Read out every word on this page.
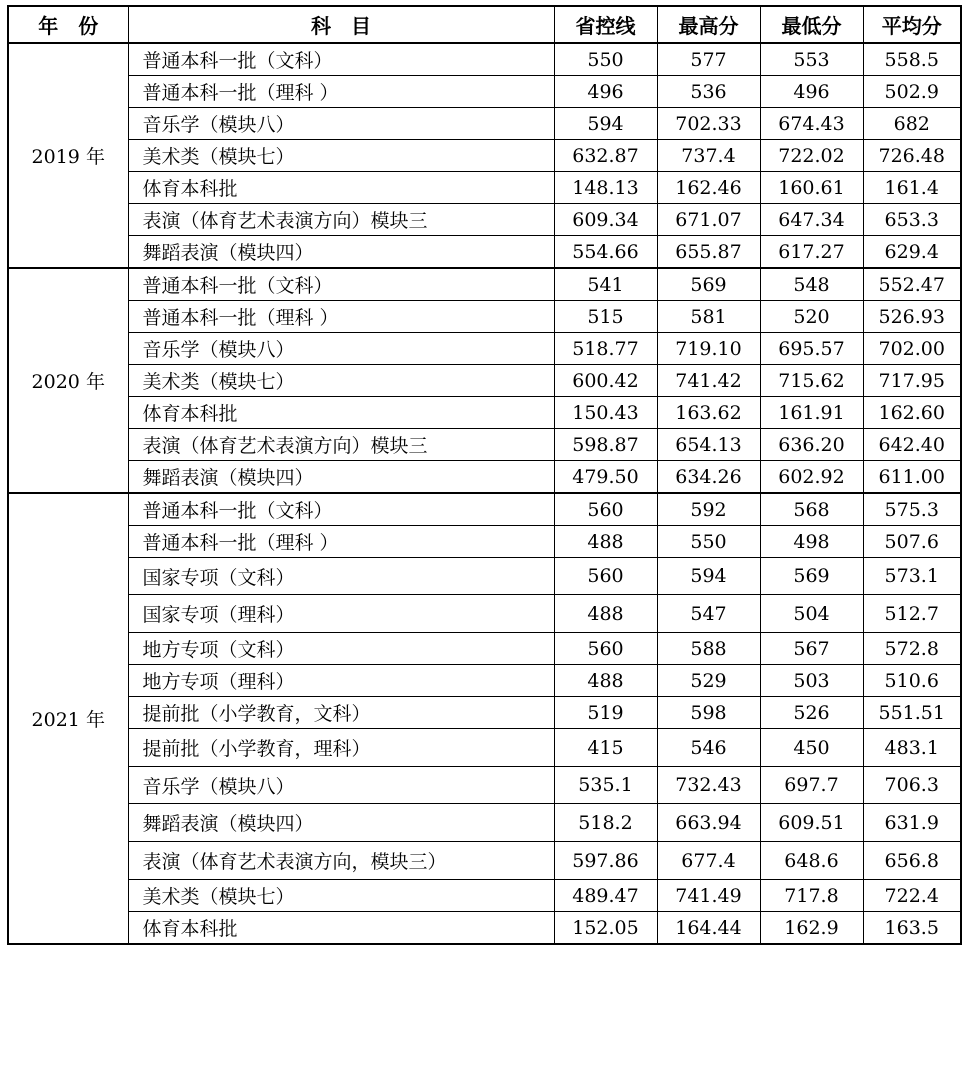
年　份	科　目	省控线	最高分	最低分	平均分
2019 年	普通本科一批（文科）	550	577	553	558.5
	普通本科一批（理科 ）	496	536	496	502.9
	音乐学（模块八）	594	702.33	674.43	682
	美术类（模块七）	632.87	737.4	722.02	726.48
	体育本科批	148.13	162.46	160.61	161.4
	表演（体育艺术表演方向）模块三	609.34	671.07	647.34	653.3
	舞蹈表演（模块四）	554.66	655.87	617.27	629.4
2020 年	普通本科一批（文科）	541	569	548	552.47
	普通本科一批（理科 ）	515	581	520	526.93
	音乐学（模块八）	518.77	719.10	695.57	702.00
	美术类（模块七）	600.42	741.42	715.62	717.95
	体育本科批	150.43	163.62	161.91	162.60
	表演（体育艺术表演方向）模块三	598.87	654.13	636.20	642.40
	舞蹈表演（模块四）	479.50	634.26	602.92	611.00
2021 年	普通本科一批（文科）	560	592	568	575.3
	普通本科一批（理科 ）	488	550	498	507.6
	国家专项（文科）	560	594	569	573.1
	国家专项（理科）	488	547	504	512.7
	地方专项（文科）	560	588	567	572.8
	地方专项（理科）	488	529	503	510.6
	提前批（小学教育，文科）	519	598	526	551.51
	提前批（小学教育，理科）	415	546	450	483.1
	音乐学（模块八）	535.1	732.43	697.7	706.3
	舞蹈表演（模块四）	518.2	663.94	609.51	631.9
	表演（体育艺术表演方向，模块三）	597.86	677.4	648.6	656.8
	美术类（模块七）	489.47	741.49	717.8	722.4
	体育本科批	152.05	164.44	162.9	163.5
